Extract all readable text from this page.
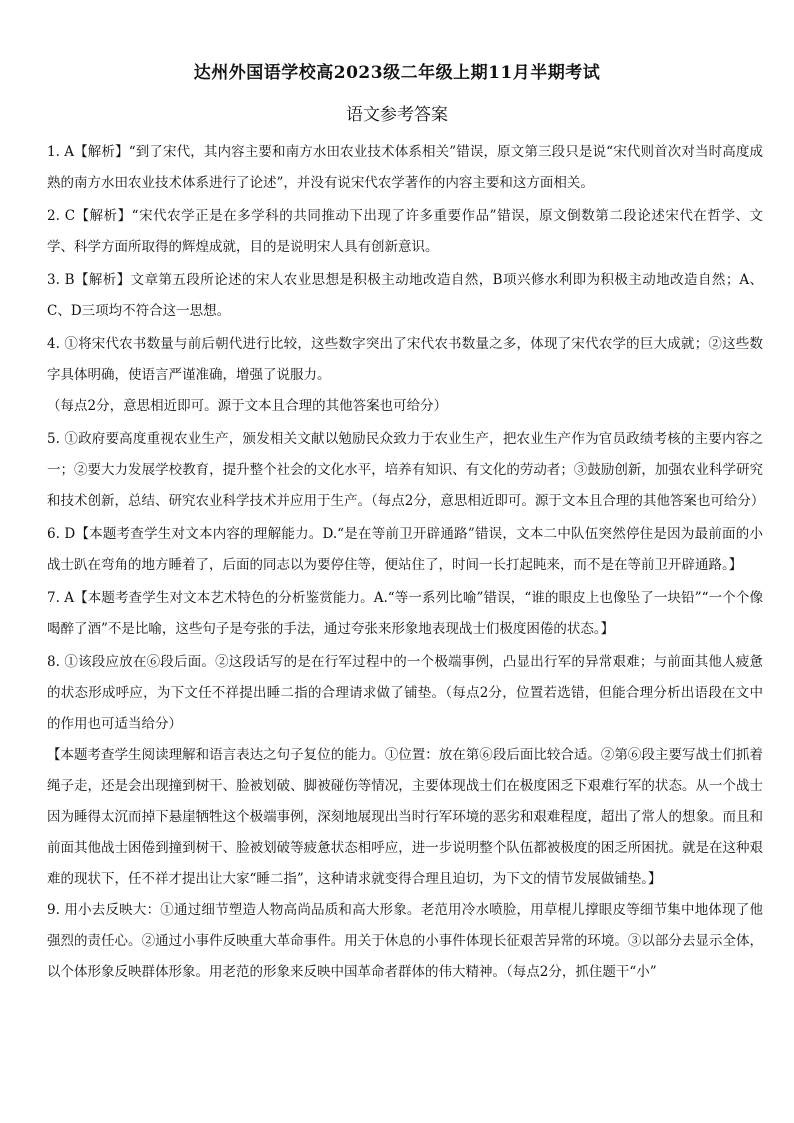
达州外国语学校高2023级二年级上期11月半期考试
语文参考答案

1. A【解析】“到了宋代，其内容主要和南方水田农业技术体系相关”错误，原文第三段只是说“宋代则首次对当时高度成熟的南方水田农业技术体系进行了论述”，并没有说宋代农学著作的内容主要和这方面相关。

2. C【解析】“宋代农学正是在多学科的共同推动下出现了许多重要作品”错误，原文倒数第二段论述宋代在哲学、文学、科学方面所取得的辉煌成就，目的是说明宋人具有创新意识。

3. B【解析】文章第五段所论述的宋人农业思想是积极主动地改造自然，B项兴修水利即为积极主动地改造自然；A、C、D三项均不符合这一思想。

4. ①将宋代农书数量与前后朝代进行比较，这些数字突出了宋代农书数量之多，体现了宋代农学的巨大成就；②这些数字具体明确，使语言严谨准确，增强了说服力。

（每点2分，意思相近即可。源于文本且合理的其他答案也可给分）

5. ①政府要高度重视农业生产，颁发相关文献以勉励民众致力于农业生产，把农业生产作为官员政绩考核的主要内容之一；②要大力发展学校教育，提升整个社会的文化水平，培养有知识、有文化的劳动者；③鼓励创新，加强农业科学研究和技术创新，总结、研究农业科学技术并应用于生产。（每点2分，意思相近即可。源于文本且合理的其他答案也可给分）

6. D【本题考查学生对文本内容的理解能力。D.“是在等前卫开辟通路”错误，文本二中队伍突然停住是因为最前面的小战士趴在弯角的地方睡着了，后面的同志以为要停住等，便站住了，时间一长打起盹来，而不是在等前卫开辟通路。】

7. A【本题考查学生对文本艺术特色的分析鉴赏能力。A.“等一系列比喻”错误，“谁的眼皮上也像坠了一块铅”“一个个像喝醉了酒”不是比喻，这些句子是夸张的手法，通过夸张来形象地表现战士们极度困倦的状态。】

8. ①该段应放在⑥段后面。②这段话写的是在行军过程中的一个极端事例，凸显出行军的异常艰难；与前面其他人疲惫的状态形成呼应，为下文任不祥提出睡二指的合理请求做了铺垫。（每点2分，位置若选错，但能合理分析出语段在文中的作用也可适当给分）

【本题考查学生阅读理解和语言表达之句子复位的能力。①位置：放在第⑥段后面比较合适。②第⑥段主要写战士们抓着绳子走，还是会出现撞到树干、脸被划破、脚被碰伤等情况，主要体现战士们在极度困乏下艰难行军的状态。从一个战士因为睡得太沉而掉下悬崖牺牲这个极端事例，深刻地展现出当时行军环境的恶劣和艰难程度，超出了常人的想象。而且和前面其他战士困倦到撞到树干、脸被划破等疲惫状态相呼应，进一步说明整个队伍都被极度的困乏所困扰。就是在这种艰难的现状下，任不祥才提出让大家“睡二指”，这种请求就变得合理且迫切，为下文的情节发展做铺垫。】

9. 用小去反映大：①通过细节塑造人物高尚品质和高大形象。老范用冷水喷脸，用草棍儿撑眼皮等细节集中地体现了他强烈的责任心。②通过小事件反映重大革命事件。用关于休息的小事件体现长征艰苦异常的环境。③以部分去显示全体，以个体形象反映群体形象。用老范的形象来反映中国革命者群体的伟大精神。（每点2分，抓住题干“小”
